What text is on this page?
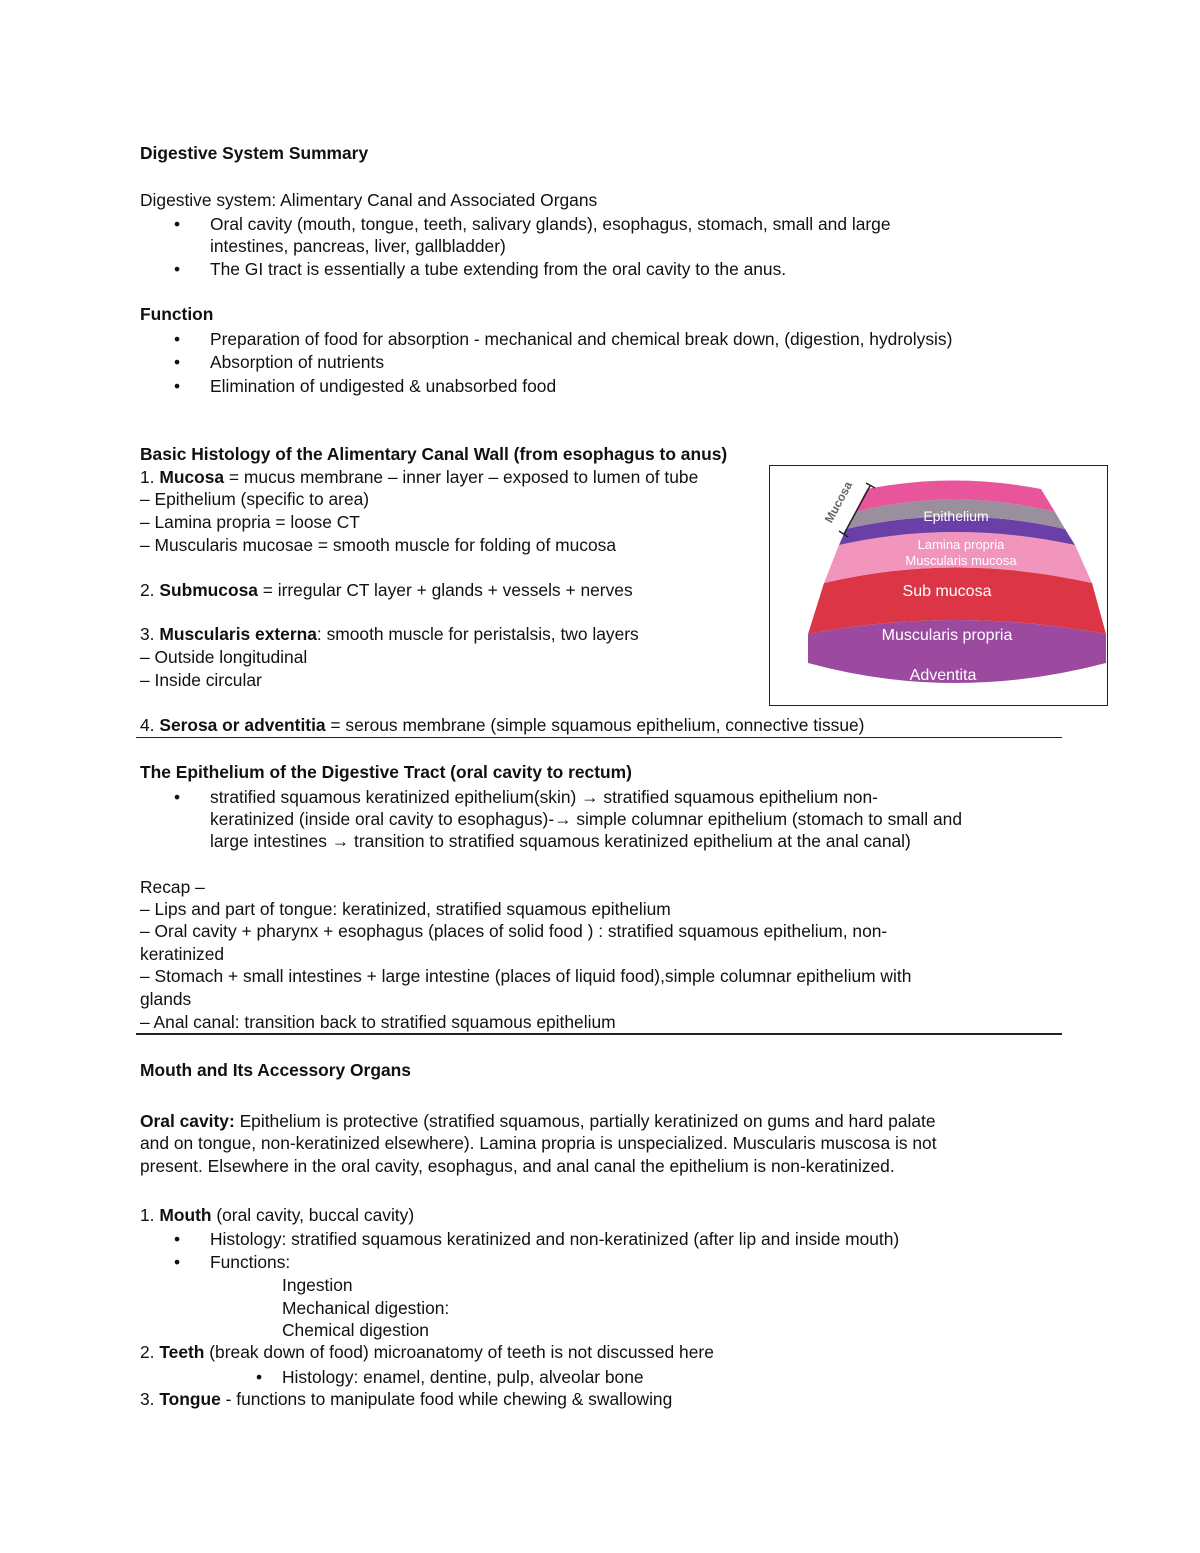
Digestive System Summary
Digestive system: Alimentary Canal and Associated Organs
• Oral cavity (mouth, tongue, teeth, salivary glands), esophagus, stomach, small and large
intestines, pancreas, liver, gallbladder)
• The GI tract is essentially a tube extending from the oral cavity to the anus.
Function
• Preparation of food for absorption - mechanical and chemical break down, (digestion, hydrolysis)
• Absorption of nutrients
• Elimination of undigested & unabsorbed food
Basic Histology of the Alimentary Canal Wall (from esophagus to anus)
1. Mucosa = mucus membrane – inner layer – exposed to lumen of tube
– Epithelium (specific to area)
– Lamina propria = loose CT
– Muscularis mucosae = smooth muscle for folding of mucosa
2. Submucosa = irregular CT layer + glands + vessels + nerves
3. Muscularis externa: smooth muscle for peristalsis, two layers
– Outside longitudinal
– Inside circular
4. Serosa or adventitia = serous membrane (simple squamous epithelium, connective tissue)
Mucosa	Epithelium
Lamina propria
Muscularis mucosa
Sub mucosa
Muscularis propria
Adventita
The Epithelium of the Digestive Tract (oral cavity to rectum)
• stratified squamous keratinized epithelium(skin) → stratified squamous epithelium non-
keratinized (inside oral cavity to esophagus)-→ simple columnar epithelium (stomach to small and
large intestines → transition to stratified squamous keratinized epithelium at the anal canal)
Recap –
– Lips and part of tongue: keratinized, stratified squamous epithelium
– Oral cavity + pharynx + esophagus (places of solid food ) : stratified squamous epithelium, non-
keratinized
– Stomach + small intestines + large intestine (places of liquid food),simple columnar epithelium with
glands
– Anal canal: transition back to stratified squamous epithelium
Mouth and Its Accessory Organs
Oral cavity: Epithelium is protective (stratified squamous, partially keratinized on gums and hard palate
and on tongue, non-keratinized elsewhere). Lamina propria is unspecialized. Muscularis muscosa is not
present. Elsewhere in the oral cavity, esophagus, and anal canal the epithelium is non-keratinized.
1. Mouth (oral cavity, buccal cavity)
• Histology: stratified squamous keratinized and non-keratinized (after lip and inside mouth)
• Functions:
Ingestion
Mechanical digestion:
Chemical digestion
2. Teeth (break down of food) microanatomy of teeth is not discussed here
• Histology: enamel, dentine, pulp, alveolar bone
3. Tongue - functions to manipulate food while chewing & swallowing
